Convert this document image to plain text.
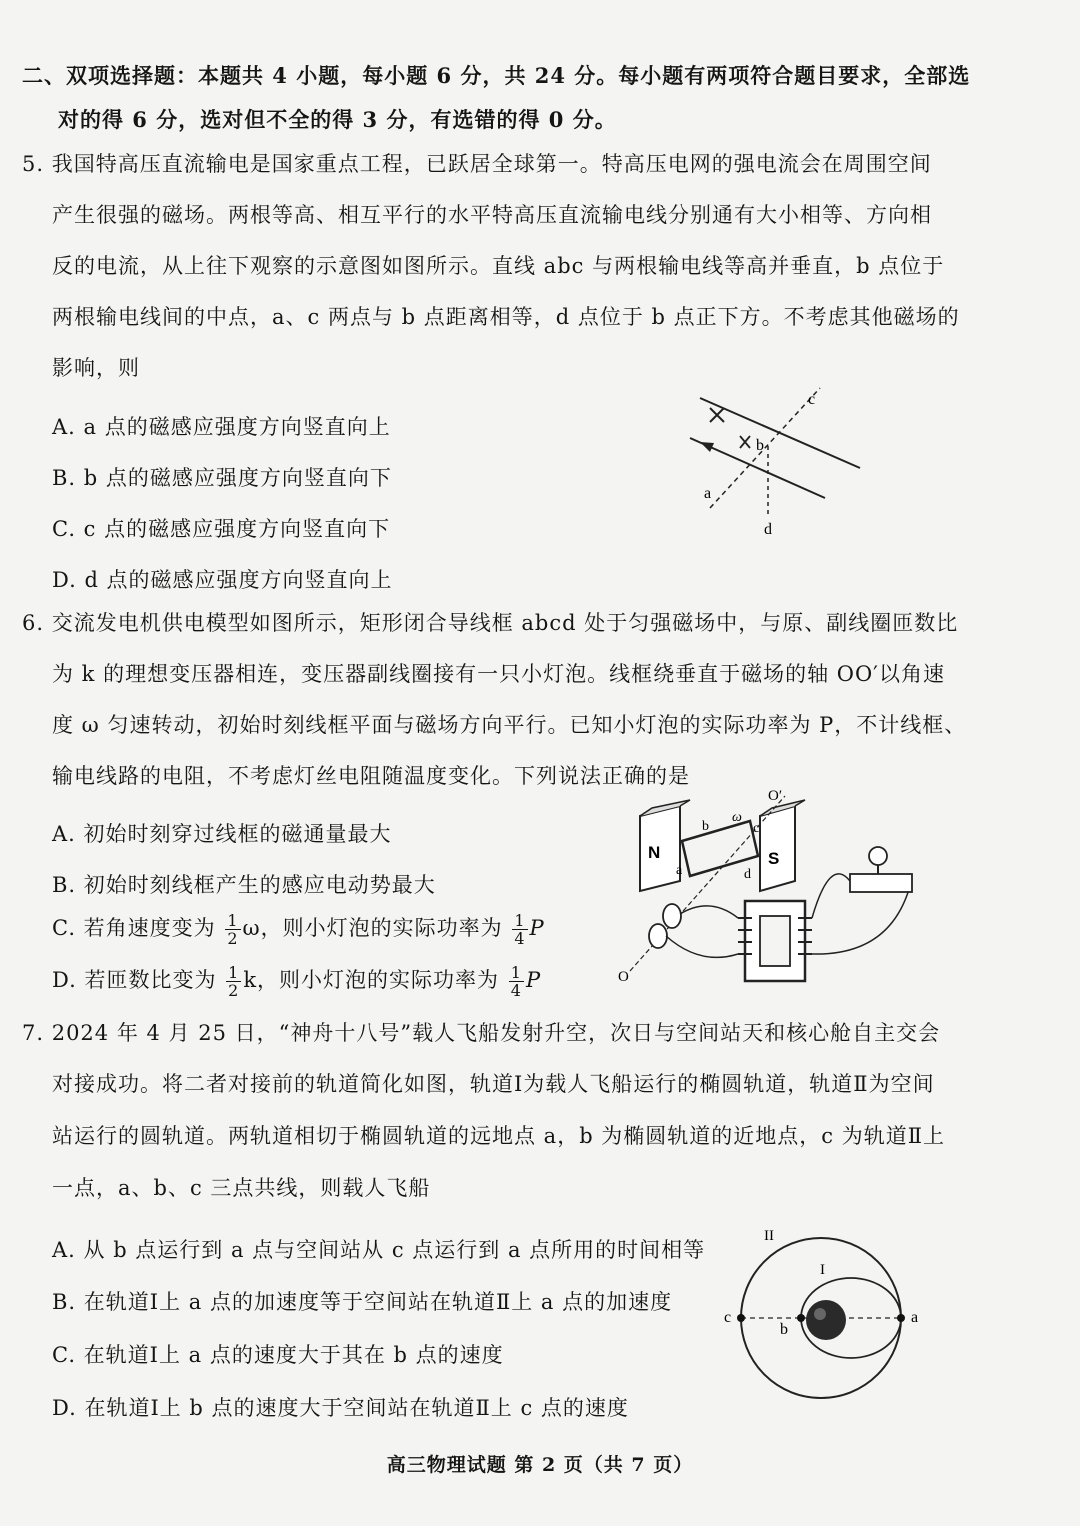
二、双项选择题：本题共 4 小题，每小题 6 分，共 24 分。每小题有两项符合题目要求，全部选
对的得 6 分，选对但不全的得 3 分，有选错的得 0 分。
5. 我国特高压直流输电是国家重点工程，已跃居全球第一。特高压电网的强电流会在周围空间
产生很强的磁场。两根等高、相互平行的水平特高压直流输电线分别通有大小相等、方向相
反的电流，从上往下观察的示意图如图所示。直线 abc 与两根输电线等高并垂直，b 点位于
两根输电线间的中点，a、c 两点与 b 点距离相等，d 点位于 b 点正下方。不考虑其他磁场的
影响，则
A. a 点的磁感应强度方向竖直向上
B. b 点的磁感应强度方向竖直向下
C. c 点的磁感应强度方向竖直向下
D. d 点的磁感应强度方向竖直向上
a
b
c
d
6. 交流发电机供电模型如图所示，矩形闭合导线框 abcd 处于匀强磁场中，与原、副线圈匝数比
为 k 的理想变压器相连，变压器副线圈接有一只小灯泡。线框绕垂直于磁场的轴 OO′以角速
度 ω 匀速转动，初始时刻线框平面与磁场方向平行。已知小灯泡的实际功率为 P，不计线框、
输电线路的电阻，不考虑灯丝电阻随温度变化。下列说法正确的是
A. 初始时刻穿过线框的磁通量最大
B. 初始时刻线框产生的感应电动势最大
C. 若角速度变为 $\frac{1}{2}$ ω，则小灯泡的实际功率为 $\frac{1}{4}$ P
D. 若匝数比变为 $\frac{1}{2}$ k，则小灯泡的实际功率为 $\frac{1}{4}$ P
N	S
O
O′
ω
a
b	c
d
7. 2024 年 4 月 25 日，“神舟十八号”载人飞船发射升空，次日与空间站天和核心舱自主交会
对接成功。将二者对接前的轨道简化如图，轨道Ⅰ为载人飞船运行的椭圆轨道，轨道Ⅱ为空间
站运行的圆轨道。两轨道相切于椭圆轨道的远地点 a，b 为椭圆轨道的近地点，c 为轨道Ⅱ上
一点，a、b、c 三点共线，则载人飞船
A. 从 b 点运行到 a 点与空间站从 c 点运行到 a 点所用的时间相等
B. 在轨道Ⅰ上 a 点的加速度等于空间站在轨道Ⅱ上 a 点的加速度
C. 在轨道Ⅰ上 a 点的速度大于其在 b 点的速度
D. 在轨道Ⅰ上 b 点的速度大于空间站在轨道Ⅱ上 c 点的速度
c
b
a
II
I
高三物理试题 第 2 页（共 7 页）
